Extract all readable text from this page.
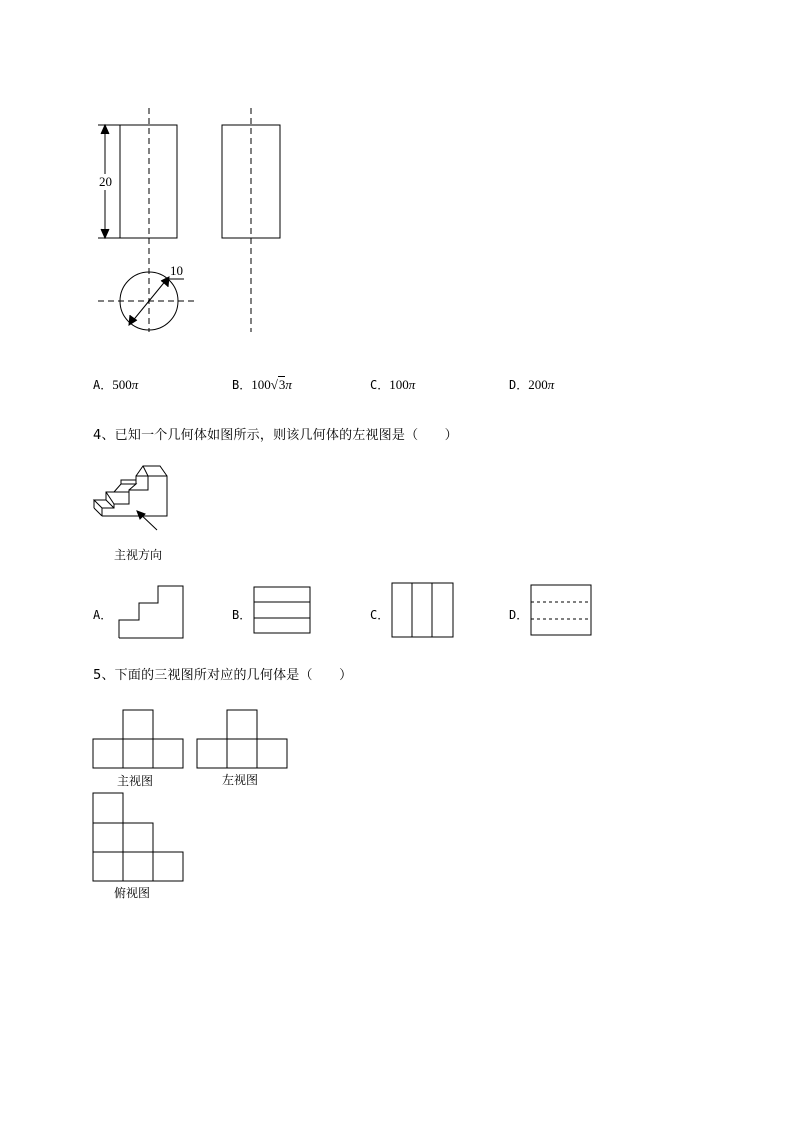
20
10
A．500π	B．100√3π	C．100π	D．200π
4、已知一个几何体如图所示，则该几何体的左视图是（　　）
主视方向
A．	B．	C．	D．
5、下面的三视图所对应的几何体是（　　）
主视图	左视图
俯视图
